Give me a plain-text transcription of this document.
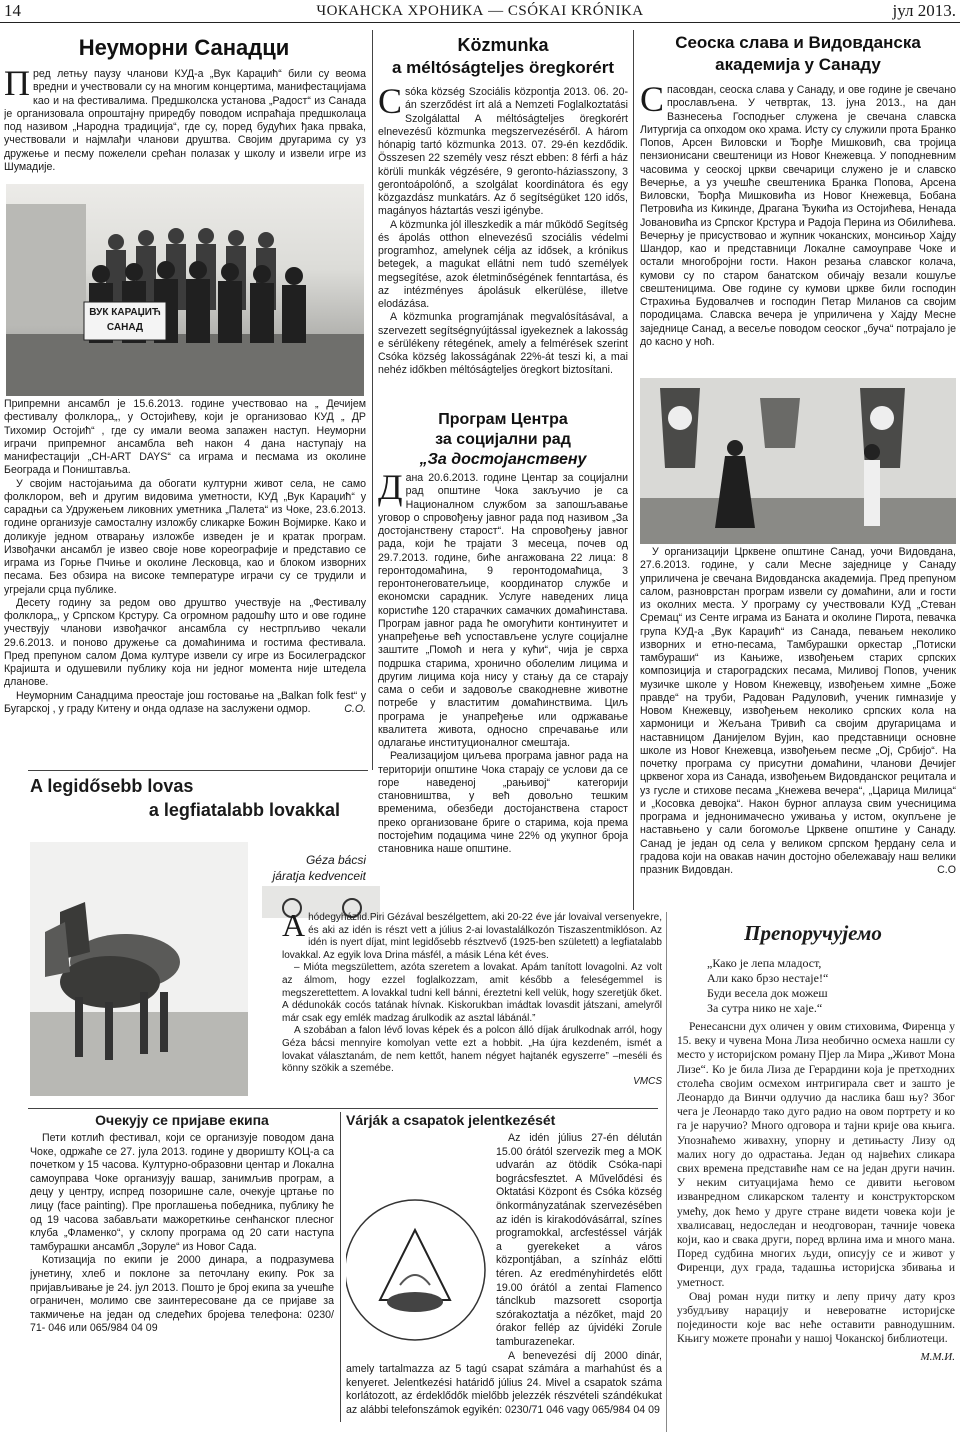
14	ЧОКАНСКА ХРОНИКА — CSÓKAI KRÓNIKA	јул 2013.
Неуморни Санадци

Пред летњу паузу чланови КУД-а „Вук Караџић“ били су веома вредни и учествовали су на многим концертима, манифестацијама као и на фестивалима. Предшколска установа „Радост“ из Санада је организовала опроштајну приредбу поводом испраћаја предшколаца под називом „Народна традиција“, где су, поред будућих ђака прваka, учествовали и најмлађи чланови друштва. Својим другарима су уз дружење и песму пожелели срећан полазак у школу и извели игре из Шумадије.

ВУК КАРАЏИЋ САНАД

Припремни ансамбл је 15.6.2013. године учествовао на „ Дечијем фестивалу фолклора„, у Остојићеву, који је организовао КУД „ ДР Тихомир Остојић“ , где су имали веома запажен наступ. Неуморни играчи припремног ансамбла већ након 4 дана наступају на манифестацији „CH-ART DAYS“ са играма и песмама из околине Београда и Поништавља.

У својим настојањима да обогати културни живот села, не само фолклором, већ и другим видовима уметности, КУД „Вук Караџић“ у сарадњи са Удружењем ликовних уметника „Палета“ из Чоке, 23.6.2013. године организује самосталну изложбу сликарке Божин Војмирке. Како и доликује једном отварању изложбе изведен је и кратак програм. Извођачки ансамбл је извео своје нове кореографије и представио се играма из Горње Пчиње и околине Лесковца, као и блоком изворних песама. Без обзира на високе температуре играчи су се трудили и угрејали срца публике.

Десету годину за редом ово друштво учествује на „Фестивалу фолклора„, у Српском Крстуру. Са огромном радошћу што и ове године учествују чланови извођачког ансамбла су нестрпљиво чекали 29.6.2013. и поново дружење са домаћинима и гостима фестивала. Пред препуном салом Дома културе извели су игре из Босилеградског Крајишта и одушевили публику која ни једног момента није штедела дланове.

Неуморним Санадцима преостаје још гостовање на „Balkan folk fest“ у Бугарској , у граду Китену и онда одлазе на заслужени одмор.	С.О.

Közmunka
a méltóságteljes öregkorért

Csóka község Szociális központja 2013. 06. 20-án szerződést írt alá a Nemzeti Foglalkoztatási Szolgálattal A méltóságteljes öregkorért elnevezésű közmunka megszervezéséről. A három hónapig tartó közmunka 2013. 07. 29-én kezdődik. Összesen 22 személy vesz részt ebben: 8 férfi a ház körüli munkák végzésére, 9 geronto-háziasszony, 3 gerontoápolónő, a szolgálat koordinátora és egy közgazdász munkatárs. Az ő segítségüket 120 idős, magányos háztartás veszi igénybe.

A közmunka jól illeszkedik a már működő Segítség és ápolás otthon elnevezésű szociális védelmi programhoz, amelynek célja az idősek, a krónikus betegek, a magukat ellátni nem tudó személyek megsegítése, azok életminőségének fenntartása, és az intézményes ápolásuk elkerülése, illetve elodázása.

A közmunka programjának megvalósításával, a szervezett segítségnyújtással igyekeznek a lakosság e sérülékeny rétegének, amely a felmérések szerint Csóka község lakosságának 22%-át teszi ki, a mai nehéz időkben méltóságteljes öregkort biztosítani.

Програм Центра
за социјални рад
„За достојанствену

Дана 20.6.2013. године Центар за социјални рад општине Чока закључио је са Националном службом за запошљавање уговор о спровођењу јавног рада под називом „За достојанствену старост“. На спровођењу јавног рада, који ће трајати 3 месеца, почев од 29.7.2013. године, биће ангажована 22 лица: 8 геронтодомаћина, 9 геронтодомаћица, 3 геронтонеговатељице, координатор службе и економски сарадник. Услуге наведених лица користиће 120 старачких самачких домаћинстава. Програм јавног рада ће омогућити континуитет и унапређење већ успостављене услуге социјалне заштите „Помоћ и нега у кући“, чија је сврха подршка старима, хронично оболелим лицима и другим лицима која нису у стању да се старају сама о себи и задовоље свакодневне животне потребе у властитим домаћинствима. Циљ програма је унапређење или одржавање квалитета живота, односно спречавање или одлагање институционалног смештаја.

Реализацијом циљева програма јавног рада на територији општине Чока старају се услови да се горе наведеној „рањивој“ категорији становништва, у већ довољно тешким временима, обезбеди достојанствена старост преко организоване бриге о старима, која према постојећим подацима чине 22% од укупног броја становника наше општине.

Сеоска слава и Видовданска
академија у Санаду

Спасовдан, сеоска слава у Санаду, и ове године је свечано прослављена. У четвртак, 13. јуна 2013., на дан Вазнесења Господњег служена је свечана славска Литургија са опходом око храма. Исту су служили прота Бранко Попов, Арсен Виловски и Ђорђе Мишковић, сва тројица пензионисани свештеници из Новог Кнежевца. У поподневним часовима у сеоској цркви свечарици служено је и славско Вечерње, а уз учешће свештеника Бранка Попова, Арсена Виловски, Ђорђа Мишковића из Новог Кнежевца, Бобана Петровића из Кикинде, Драгана Ђукића из Остојићева, Ненада Јовановића из Српског Крстура и Радоја Перина из Обилићева. Вечерњу је присуствовао и жупник чоканских, монсињор Хајду Шандор, као и представници Локалне самоуправе Чоке и остали многобројни гости. Након резања славског колача, кумови су по старом банатском обичају везали кошуље свештеницима. Ове године су кумови цркве били господин Страхиња Будовалчев и господин Петар Миланов са својим породицама. Славска вечера је уприличена у Хајду Месне заједнице Санад, а весеље поводом сеоског „буча“ потрајало је до касно у ноћ.

У организацији Црквене општине Санад, уочи Видовдана, 27.6.2013. године, у сали Месне заједнице у Санаду уприличена је свечана Видовданска академија. Пред препуном салом, разноврстан програм извели су домаћини, али и гости из околних места. У програму су учествовали КУД „Стеван Сремац“ из Сенте играма из Баната и околине Пирота, певачка група КУД-а „Вук Караџић“ из Санада, певањем неколико изворних и етно-песама, Тамбурашки оркестар „Потиски тамбураши“ из Кањиже, извођењем старих српских композиција и староградских песама, Миливој Попов, ученик музичке школе у Новом Кнежевцу, извођењем химне „Боже правде“ на труби, Радован Радуловић, ученик гимназије у Новом Кнежевцу, извођењем неколико српских кола на хармоници и Жељана Тривић са својим другарицама и наставницом Данијелом Вујин, као представници основне школе из Новог Кнежевца, извођењем песме „Ој, Србијо“. На почетку програма су присутни домаћини, чланови Дечијег црквеног хора из Санада, извођењем Видовданског рецитала и уз гусле и стихове песама „Кнежева вечера“, „Царица Милица“ и „Косовка девојка“. Након бурног аплауза свим учесницима програма и једнонимачесно уживања у истом, окупљене је наставњено у сали богомоље Црквене општине у Санаду. Санад је један од села у великом српском ђердану села и градова који на овакав начин достојно обележавају наш велики празник Видовдан.	С.О

A legidősebb lovas
a legfiatalabb lovakkal
Géza bácsi
járatja kedvenceit

Ahódegyháziid.Piri Gézával beszélgettem, aki 20-22 éve jár lovaival versenyekre, és aki az idén is részt vett a július 2-ai lovastalálkozón Tiszaszentmiklóson. Az idén is nyert díjat, mint legidősebb résztvevő (1925-ben született) a legfiatalabb lovakkal. Az egyik lova Drina másfél, a másik Léna két éves.

– Mióta megszülettem, azóta szeretem a lovakat. Apám tanított lovagolni. Az volt az álmom, hogy ezzel foglalkozzam, amit később a feleségemmel is megszerettettem. A lovakkal tudni kell bánni, éreztetni kell velük, hogy szeretjük őket. A dédunokák cocós tatának hívnak. Kiskorukban imádtak lovasdit játszani, amelyről már csak egy emlék madzag árulkodik az asztal lábánál.”

A szobában a falon lévő lovas képek és a polcon álló díjak árulkodnak arról, hogy Géza bácsi mennyire komolyan vette ezt a hobbit. „Ha újra kezdeném, ismét a lovakat választanám, de nem kettőt, hanem négyet hajtanék egyszerre” –mesélі és könny szökik a szemébe.

VMCS

Очекују се пријаве екипа

Пети котлић фестивал, који се организује поводом дана Чоке, одржаће се 27. јула 2013. године у дворишту КОЦ-а са почетком у 15 часова. Културно-образовни центар и Локална самоуправа Чоке организују вашар, занимљив програм, а децу у центру, испред позоришне сале, очекује цртање по лицу (face painting). Пре проглашења победника, публику ће од 19 часова забављати мажореткиње сенћанског плесног клуба „Фламенко“, у склопу програма од 20 сати наступа тамбурашки ансамбл „Зоруле“ из Новог Сада.

Котизација по екипи је 2000 динара, а подразумева јунетину, хлеб и поклоне за петочлану екипу. Рок за пријављивање је 24. јул 2013. Пошто је број екипа за учешће ограничен, молимо све заинтересоване да се пријаве за такмичење на један од следећих бројева телефона: 0230/ 71- 046 или 065/984 04 09

Várják a csapatok jelentkezését

Az idén július 27-én délután 15.00 órától szervezik meg a MOK udvarán az ötödik Csóka-napi bográcsfesztet. A Művelődési és Oktatási Központ és Csóka község önkormányzatának szervezésében az idén is kirakodóvásárral, színes programokkal, arcfestéssel várják a gyerekeket a város központjában, a színház előtti téren. Az eredményhirdetés előtt 19.00 órától a zentai Flamenco tánclkub mazsorett csoportja szórakoztatja a nézőket, majd 20 órakor fellép az újvidéki Zorule tamburazenekar.

A benevezési díj 2000 dinár, amely tartalmazza az 5 tagú csapat számára a marhahúst és a kenyeret. Jelentkezési határidő július 24. Mivel a csapatok száma korlátozott, az érdeklődők mielőbb jelezzék részvételi szándékukat az alábbi telefonszámok egyikén: 0230/71 046 vagy 065/984 04 09

Препоручујемо
„Како је лепа младост,
Али како брзо нестаје!“
Буди весела док можеш
За сутра нико не хаје.“

Ренесансни дух оличен у овим стиховима, Фиренца у 15. веку и чувена Мона Лиза необично осмеха нашли су место у историјском роману Пјер ла Мира „Живот Мона Лизе“. Ко је била Лиза де Герардини која је претходних столећа својим осмехом интригирала свет и зашто је Леонардо да Винчи одлучио да насликa баш њу? Због чега је Леонардо тако дуго радио на овом портрету и ко га је наручио? Много одговора и тајни крије ова књига. Упознаћемо живахну, упорну и детињасту Лизу од малих ногу до одрастања. Један од највећих сликара свих времена представиће нам се на један други начин. У неким ситуацијама ћемо се дивити његовом изванредном сликарском таленту и конструкторском умећу, док ћемо у друге стране видети човека који је хвалисавац, недоследан и неодговоран, тачније човека који, као и свака други, поред врлина има и много мана. Поред судбина многих људи, описују се и живот у Фиренци, дух града, тадашња историјска збивања и уметност.

Овај роман нуди питку и лепу причу дату кроз узбудљиву нарацију и невероватне историјске појединости које вас неће оставити равнодушним. Књигу можете пронаћи у нашој Чоканској библиотеци.

М.М.И.
